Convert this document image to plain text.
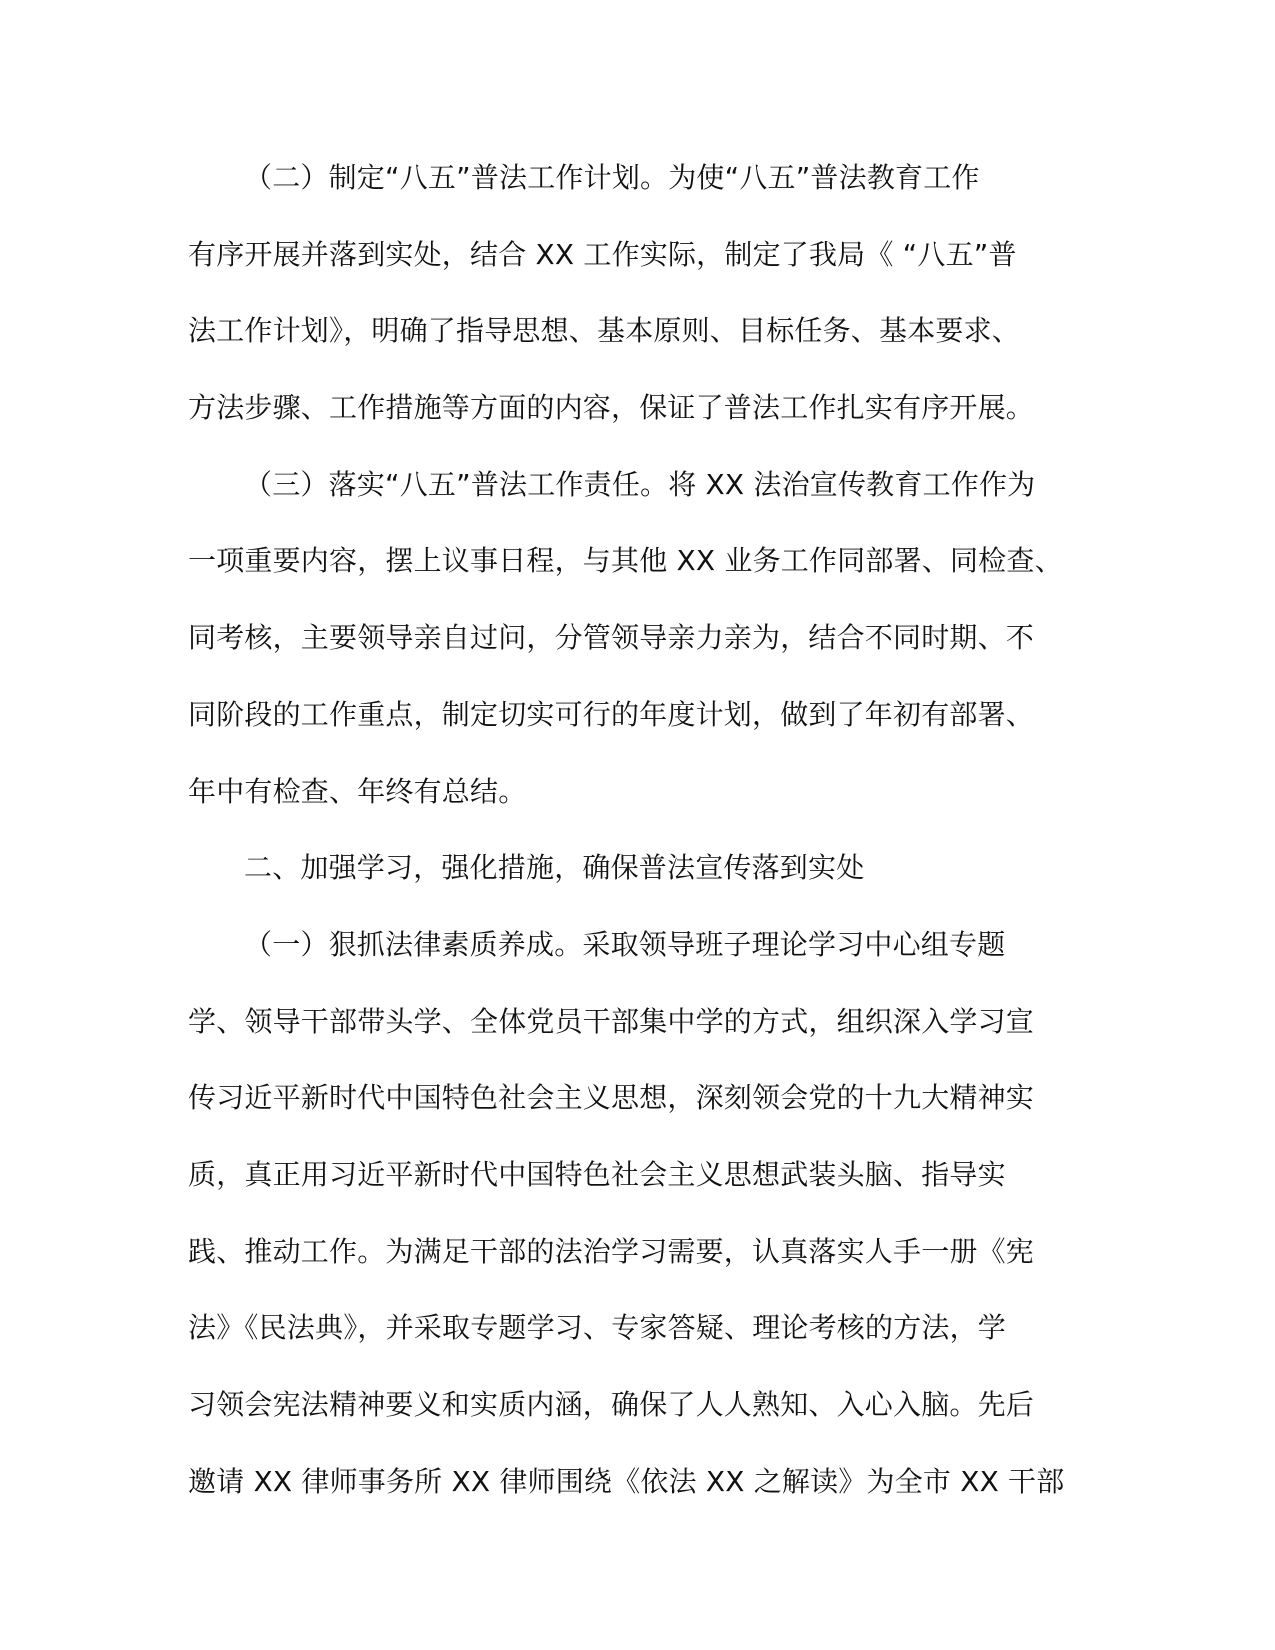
（二）制定“八五”普法工作计划。为使“八五”普法教育工作
有序开展并落到实处，结合 XX 工作实际，制定了我局《 “八五”普
法工作计划》，明确了指导思想、基本原则、目标任务、基本要求、
方法步骤、工作措施等方面的内容，保证了普法工作扎实有序开展。
（三）落实“八五”普法工作责任。将 XX 法治宣传教育工作作为
一项重要内容，摆上议事日程，与其他 XX 业务工作同部署、同检查、
同考核，主要领导亲自过问，分管领导亲力亲为，结合不同时期、不
同阶段的工作重点，制定切实可行的年度计划，做到了年初有部署、
年中有检查、年终有总结。
二、加强学习，强化措施，确保普法宣传落到实处
（一）狠抓法律素质养成。采取领导班子理论学习中心组专题
学、领导干部带头学、全体党员干部集中学的方式，组织深入学习宣
传习近平新时代中国特色社会主义思想，深刻领会党的十九大精神实
质，真正用习近平新时代中国特色社会主义思想武装头脑、指导实
践、推动工作。为满足干部的法治学习需要，认真落实人手一册《宪
法》《民法典》，并采取专题学习、专家答疑、理论考核的方法，学
习领会宪法精神要义和实质内涵，确保了人人熟知、入心入脑。先后
邀请 XX 律师事务所 XX 律师围绕《依法 XX 之解读》为全市 XX 干部
